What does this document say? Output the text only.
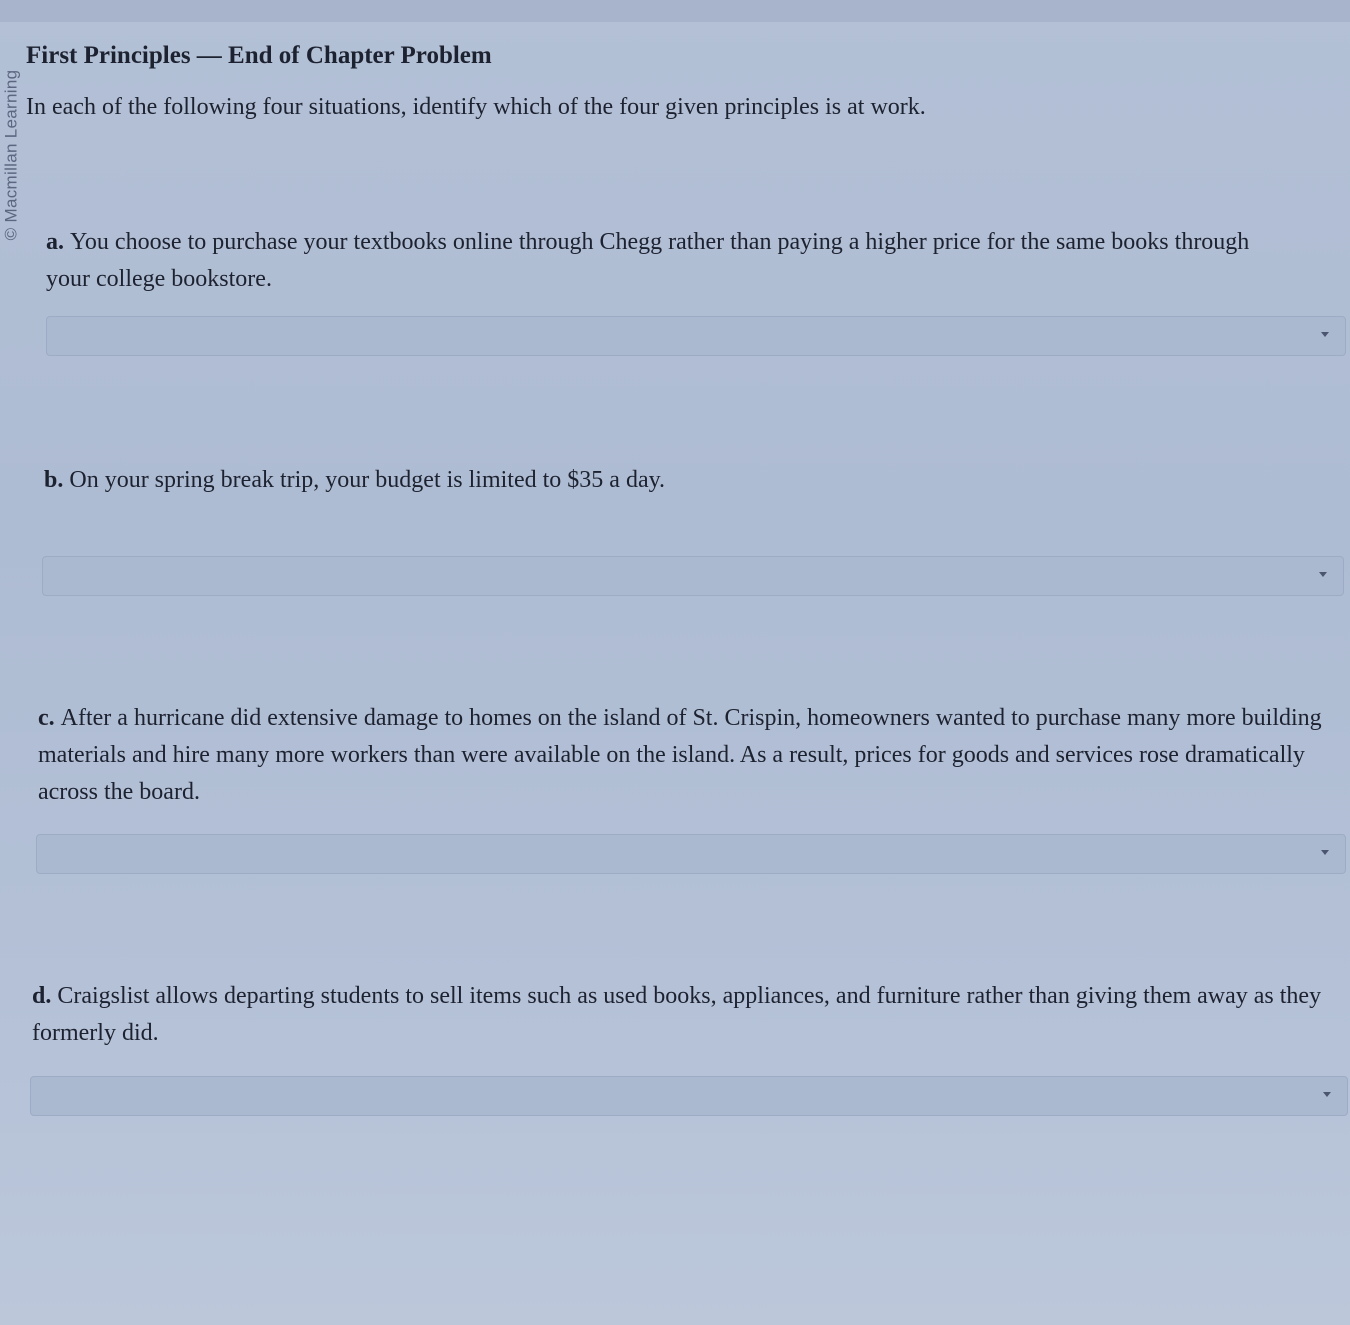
© Macmillan Learning
First Principles — End of Chapter Problem

In each of the following four situations, identify which of the four given principles is at work.

a. You choose to purchase your textbooks online through Chegg rather than paying a higher price for the same books through your college bookstore.

b. On your spring break trip, your budget is limited to $35 a day.

c. After a hurricane did extensive damage to homes on the island of St. Crispin, homeowners wanted to purchase many more building materials and hire many more workers than were available on the island. As a result, prices for goods and services rose dramatically across the board.

d. Craigslist allows departing students to sell items such as used books, appliances, and furniture rather than giving them away as they formerly did.
